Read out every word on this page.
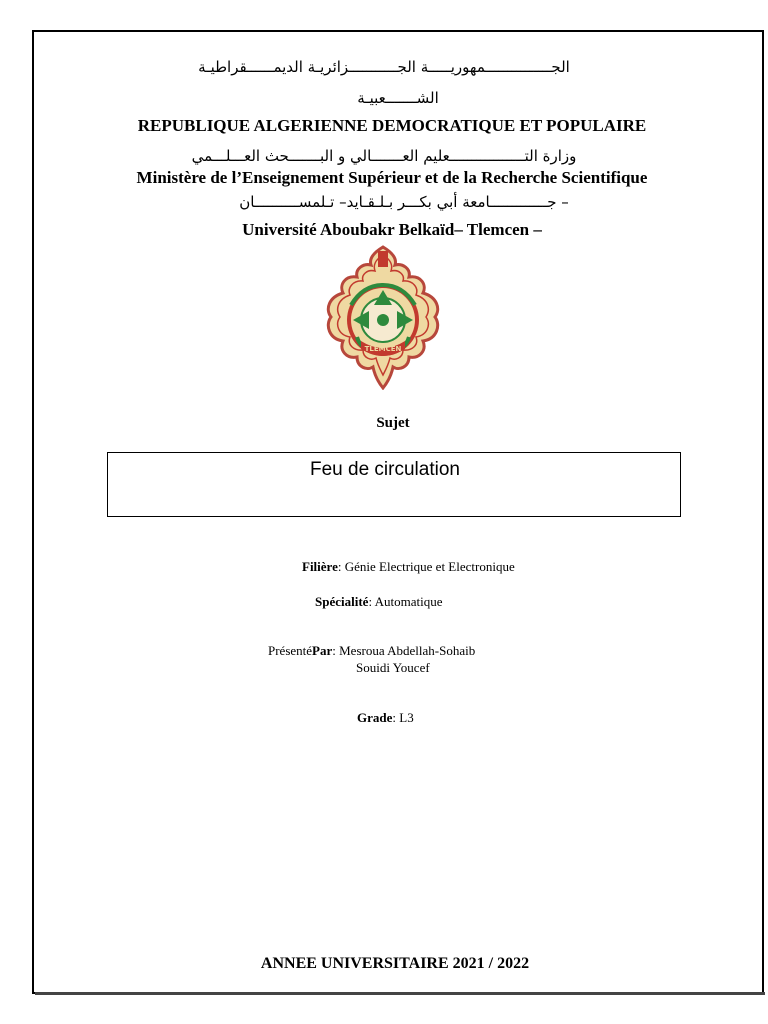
الجـــــــــــــــمهوريـــــة الجـــــــــــزائريـة الديمــــــقراطيـة
الشـــــــعبيـة
REPUBLIQUE ALGERIENNE DEMOCRATIQUE ET POPULAIRE
وزارة التـــــــــــــــــعليم العـــــــالي و البـــــــحث العـــلـــمي
Ministère de l’Enseignement Supérieur et de la Recherche Scientifique
– جـــــــــــــامعة أبي بكـــر بـلـقـايد– تـلمســــــــــان
Université Aboubakr Belkaïd– Tlemcen –
TLEMCEN
Sujet
Feu de circulation
Filière: Génie Electrique et Electronique
Spécialité: Automatique
PrésentéPar: Mesroua Abdellah-Sohaib
Souidi Youcef
Grade: L3
ANNEE UNIVERSITAIRE 2021 / 2022
